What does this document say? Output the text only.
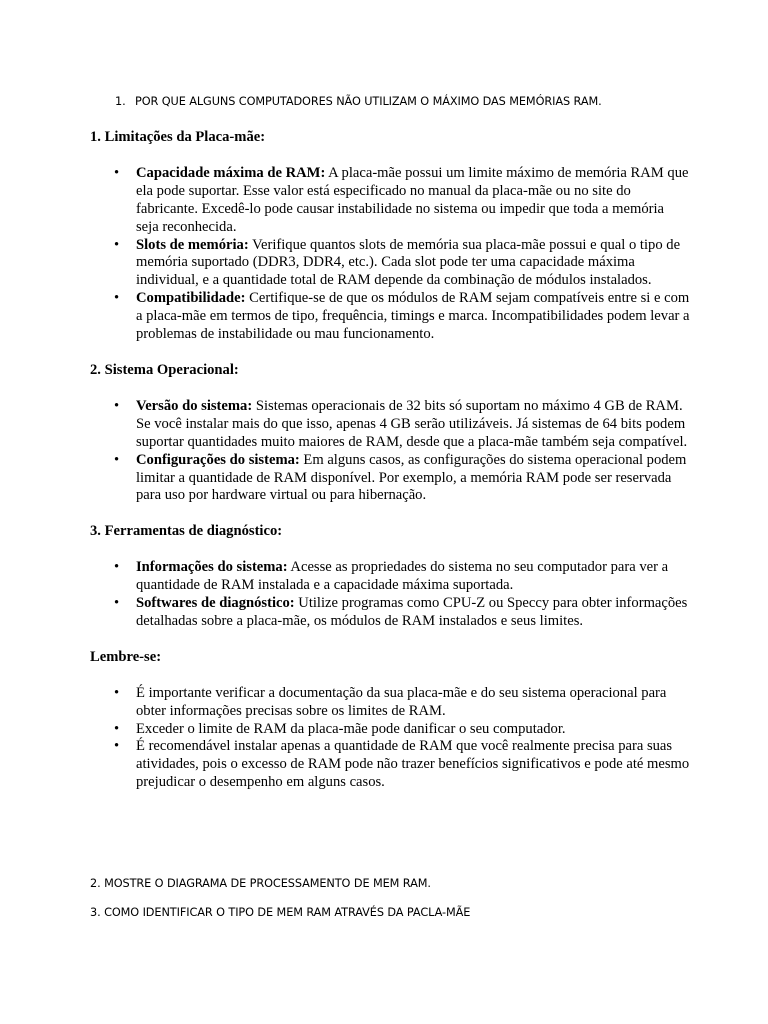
1. POR QUE ALGUNS COMPUTADORES NÃO UTILIZAM O MÁXIMO DAS MEMÓRIAS RAM.
1. Limitações da Placa-mãe:
• Capacidade máxima de RAM: A placa-mãe possui um limite máximo de memória RAM que ela pode suportar. Esse valor está especificado no manual da placa-mãe ou no site do fabricante. Excedê-lo pode causar instabilidade no sistema ou impedir que toda a memória seja reconhecida.
• Slots de memória: Verifique quantos slots de memória sua placa-mãe possui e qual o tipo de memória suportado (DDR3, DDR4, etc.). Cada slot pode ter uma capacidade máxima individual, e a quantidade total de RAM depende da combinação de módulos instalados.
• Compatibilidade: Certifique-se de que os módulos de RAM sejam compatíveis entre si e com a placa-mãe em termos de tipo, frequência, timings e marca. Incompatibilidades podem levar a problemas de instabilidade ou mau funcionamento.
2. Sistema Operacional:
• Versão do sistema: Sistemas operacionais de 32 bits só suportam no máximo 4 GB de RAM. Se você instalar mais do que isso, apenas 4 GB serão utilizáveis. Já sistemas de 64 bits podem suportar quantidades muito maiores de RAM, desde que a placa-mãe também seja compatível.
• Configurações do sistema: Em alguns casos, as configurações do sistema operacional podem limitar a quantidade de RAM disponível. Por exemplo, a memória RAM pode ser reservada para uso por hardware virtual ou para hibernação.
3. Ferramentas de diagnóstico:
• Informações do sistema: Acesse as propriedades do sistema no seu computador para ver a quantidade de RAM instalada e a capacidade máxima suportada.
• Softwares de diagnóstico: Utilize programas como CPU-Z ou Speccy para obter informações detalhadas sobre a placa-mãe, os módulos de RAM instalados e seus limites.
Lembre-se:
• É importante verificar a documentação da sua placa-mãe e do seu sistema operacional para obter informações precisas sobre os limites de RAM.
• Exceder o limite de RAM da placa-mãe pode danificar o seu computador.
• É recomendável instalar apenas a quantidade de RAM que você realmente precisa para suas atividades, pois o excesso de RAM pode não trazer benefícios significativos e pode até mesmo prejudicar o desempenho em alguns casos.
2. MOSTRE O DIAGRAMA DE PROCESSAMENTO DE MEM RAM.
3. COMO IDENTIFICAR O TIPO DE MEM RAM ATRAVÉS DA PACLA-MÃE
